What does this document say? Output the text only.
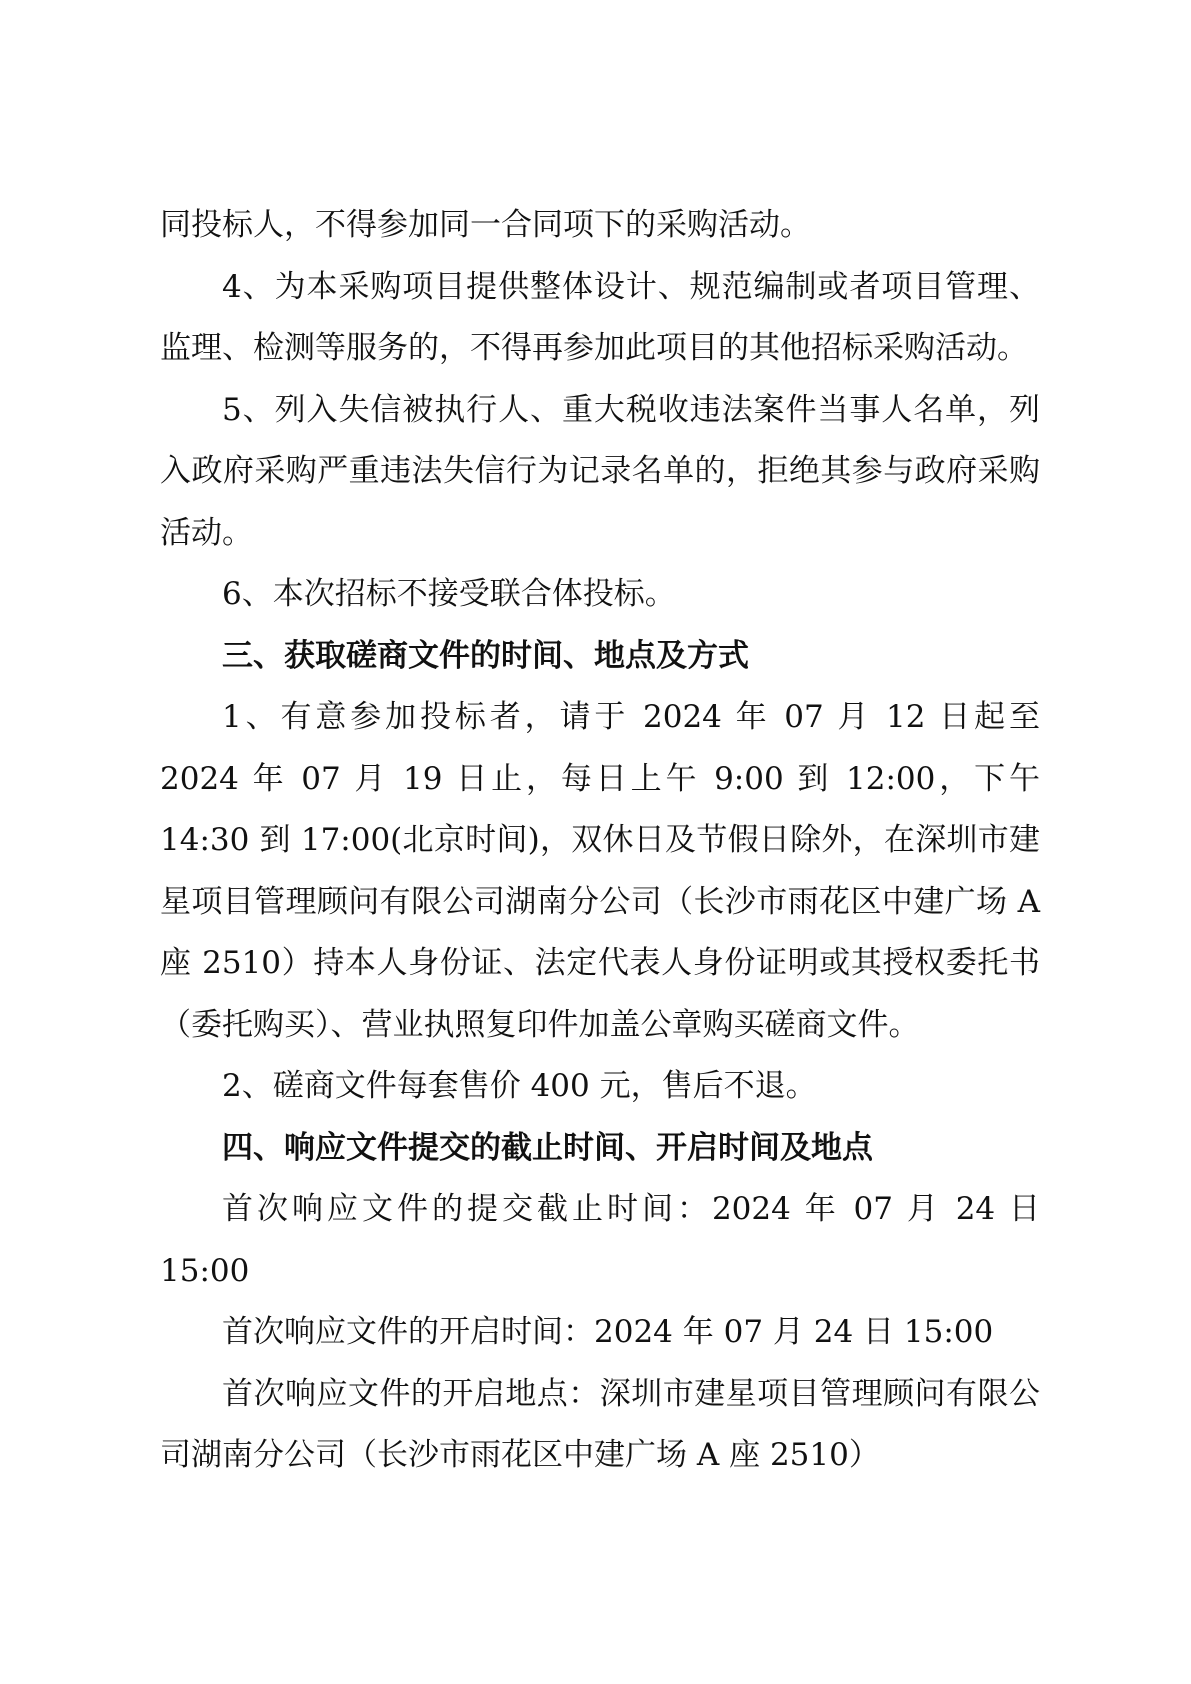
同投标人，不得参加同一合同项下的采购活动。

4、为本采购项目提供整体设计、规范编制或者项目管理、监理、检测等服务的，不得再参加此项目的其他招标采购活动。

5、列入失信被执行人、重大税收违法案件当事人名单，列入政府采购严重违法失信行为记录名单的，拒绝其参与政府采购活动。

6、本次招标不接受联合体投标。

三、获取磋商文件的时间、地点及方式

1、有意参加投标者，请于 2024 年 07 月 12 日起至 2024 年 07 月 19 日止，每日上午 9:00 到 12:00，下午 14:30 到 17:00(北京时间)，双休日及节假日除外，在深圳市建星项目管理顾问有限公司湖南分公司（长沙市雨花区中建广场 A 座 2510）持本人身份证、法定代表人身份证明或其授权委托书（委托购买）、营业执照复印件加盖公章购买磋商文件。

2、磋商文件每套售价 400 元，售后不退。

四、响应文件提交的截止时间、开启时间及地点

首次响应文件的提交截止时间：2024 年 07 月 24 日 15:00

首次响应文件的开启时间：2024 年 07 月 24 日 15:00

首次响应文件的开启地点：深圳市建星项目管理顾问有限公司湖南分公司（长沙市雨花区中建广场 A 座 2510）
